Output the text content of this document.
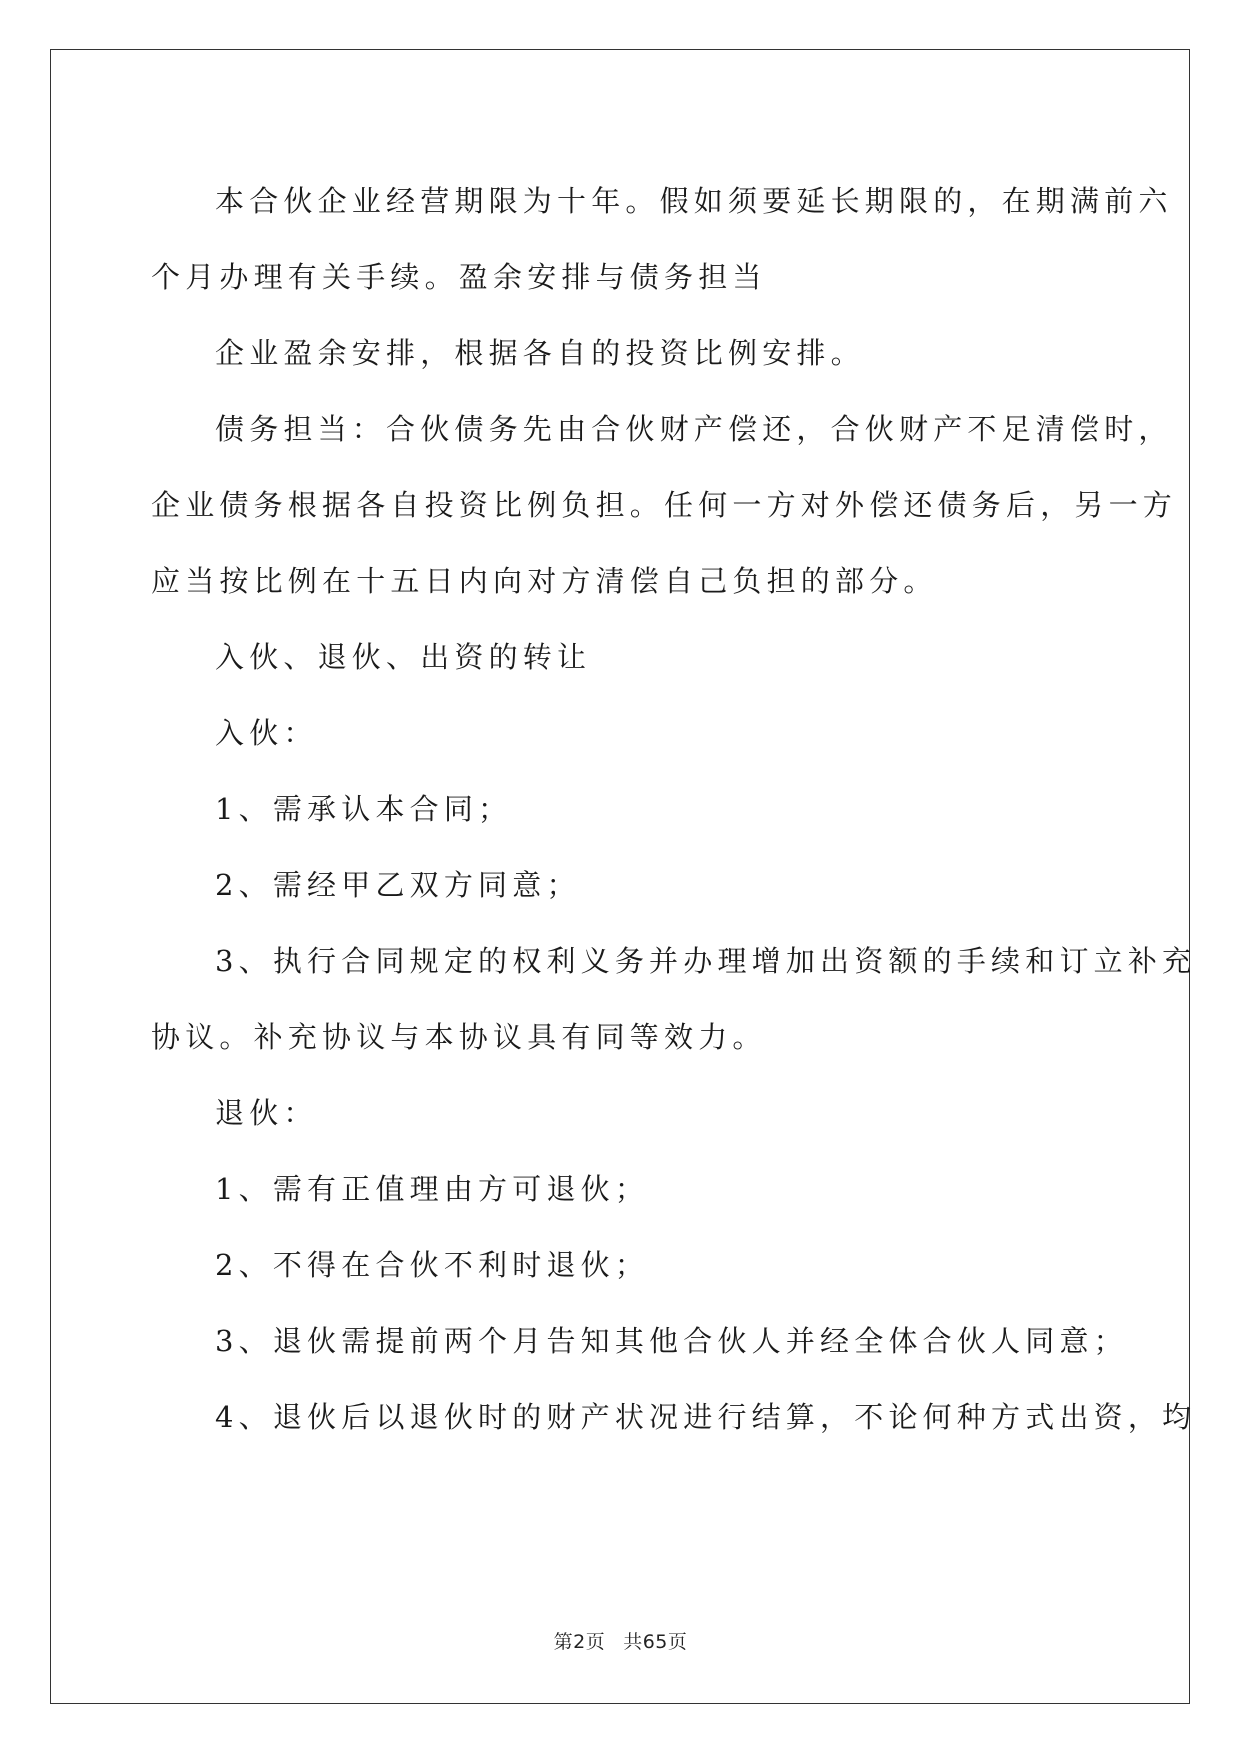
本合伙企业经营期限为十年。假如须要延长期限的，在期满前六

个月办理有关手续。盈余安排与债务担当

企业盈余安排，根据各自的投资比例安排。

债务担当：合伙债务先由合伙财产偿还，合伙财产不足清偿时，

企业债务根据各自投资比例负担。任何一方对外偿还债务后，另一方

应当按比例在十五日内向对方清偿自己负担的部分。

入伙、退伙、出资的转让

入伙：

1、需承认本合同；

2、需经甲乙双方同意；

3、执行合同规定的权利义务并办理增加出资额的手续和订立补充

协议。补充协议与本协议具有同等效力。

退伙：

1、需有正值理由方可退伙；

2、不得在合伙不利时退伙；

3、退伙需提前两个月告知其他合伙人并经全体合伙人同意；

4、退伙后以退伙时的财产状况进行结算，不论何种方式出资，均

第2页 共65页
